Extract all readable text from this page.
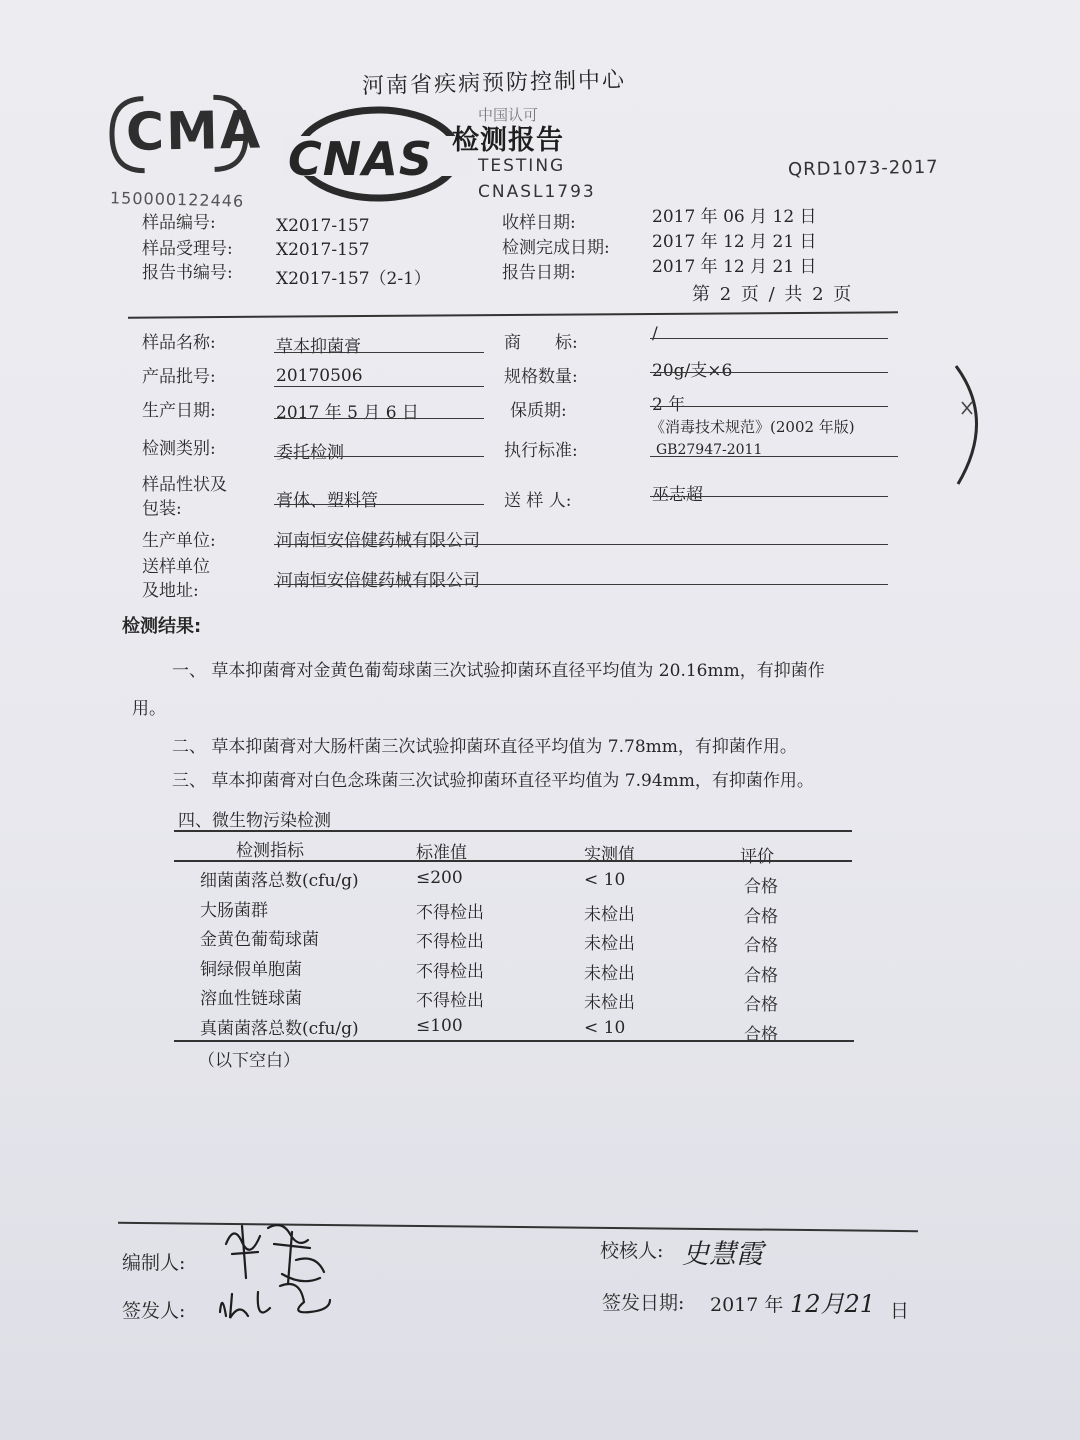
河南省疾病预防控制中心
CMA
150000122446
CNAS
中国认可
检测报告
TESTING
CNASL1793
QRD1073-2017
样品编号:	X2017-157
样品受理号:	X2017-157
报告书编号:	X2017-157（2-1）
收样日期:	2017 年 06 月 12 日
检测完成日期: 2017 年 12 月 21 日
报告日期:	2017 年 12 月 21 日
第 2 页 / 共 2 页
样品名称:	草本抑菌膏	商　　标:	/
产品批号:	20170506	规格数量:	20g/支×6
生产日期:	2017 年 5 月 6 日	保质期:	2 年
检测类别:	委托检测	执行标准:
《消毒技术规范》(2002 年版)
GB27947-2011
样品性状及
包装:	膏体、塑料管	送 样 人:	巫志超
生产单位:	河南恒安倍健药械有限公司
送样单位
及地址:	河南恒安倍健药械有限公司
检测结果:
一、 草本抑菌膏对金黄色葡萄球菌三次试验抑菌环直径平均值为 20.16mm，有抑菌作
用。
二、 草本抑菌膏对大肠杆菌三次试验抑菌环直径平均值为 7.78mm，有抑菌作用。
三、 草本抑菌膏对白色念珠菌三次试验抑菌环直径平均值为 7.94mm，有抑菌作用。
四、微生物污染检测
检测指标	标准值	实测值	评价
细菌菌落总数(cfu/g)	≤200	< 10	合格
大肠菌群	不得检出	未检出	合格
金黄色葡萄球菌	不得检出	未检出	合格
铜绿假单胞菌	不得检出	未检出	合格
溶血性链球菌	不得检出	未检出	合格
真菌菌落总数(cfu/g)	≤100	< 10	合格
（以下空白）
编制人:
签发人:
校核人: 史慧霞
签发日期: 2017 年 12月21 日
